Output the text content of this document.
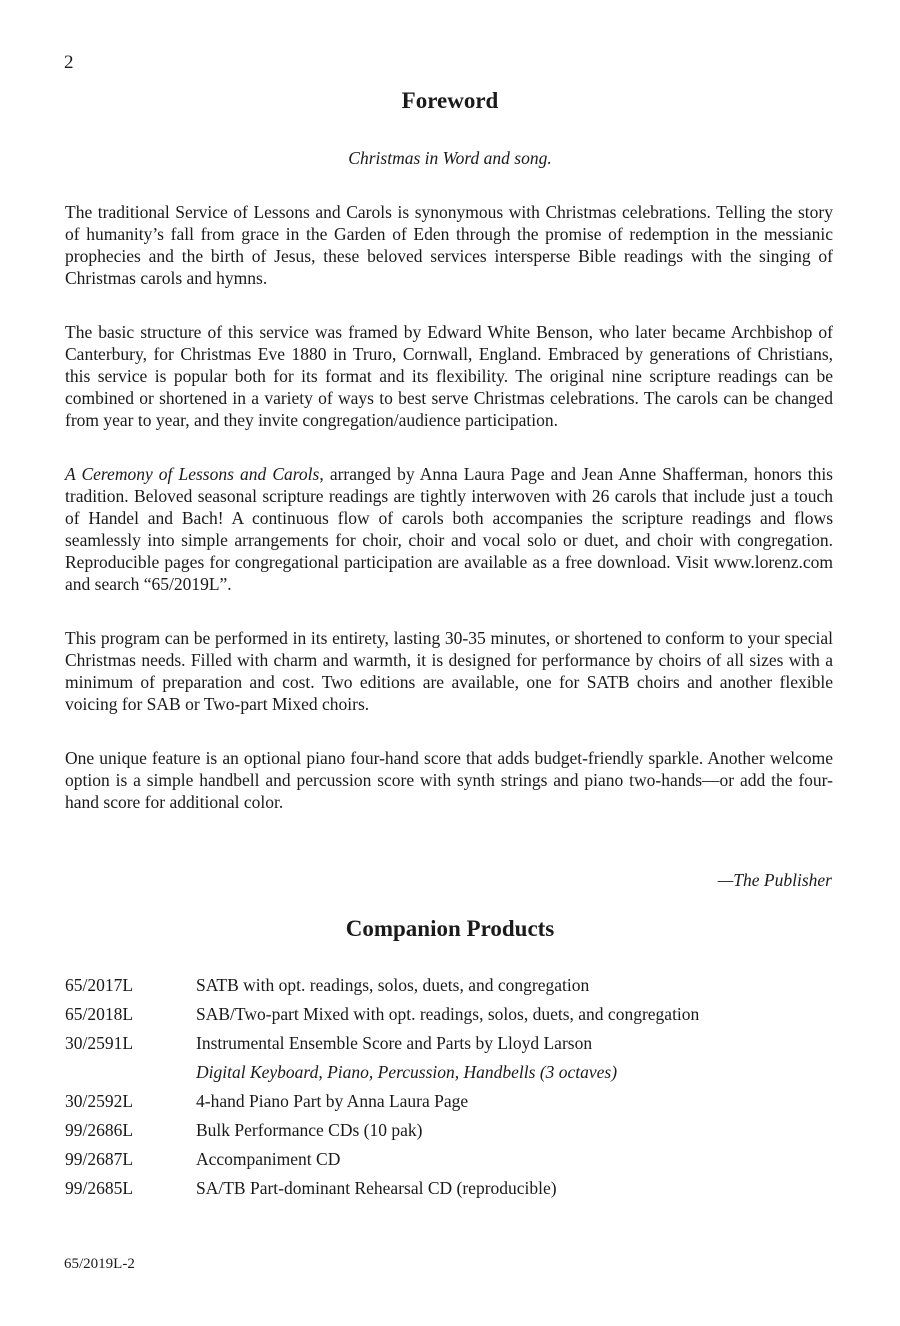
2
Foreword
Christmas in Word and song.

The traditional Service of Lessons and Carols is synonymous with Christmas celebrations. Telling the story of humanity’s fall from grace in the Garden of Eden through the promise of redemption in the messianic prophecies and the birth of Jesus, these beloved services intersperse Bible readings with the singing of Christmas carols and hymns.

The basic structure of this service was framed by Edward White Benson, who later became Archbishop of Canterbury, for Christmas Eve 1880 in Truro, Cornwall, England. Embraced by generations of Christians, this service is popular both for its format and its flexibility. The original nine scripture readings can be combined or shortened in a variety of ways to best serve Christmas celebrations. The carols can be changed from year to year, and they invite congregation/audience participation.

A Ceremony of Lessons and Carols, arranged by Anna Laura Page and Jean Anne Shafferman, honors this tradition. Beloved seasonal scripture readings are tightly interwoven with 26 carols that include just a touch of Handel and Bach! A continuous flow of carols both accompanies the scripture readings and flows seamlessly into simple arrangements for choir, choir and vocal solo or duet, and choir with congregation. Reproducible pages for congregational participation are available as a free download. Visit www.lorenz.com and search “65/2019L”.

This program can be performed in its entirety, lasting 30-35 minutes, or shortened to conform to your special Christmas needs. Filled with charm and warmth, it is designed for performance by choirs of all sizes with a minimum of preparation and cost. Two editions are available, one for SATB choirs and another flexible voicing for SAB or Two-part Mixed choirs.

One unique feature is an optional piano four-hand score that adds budget-friendly sparkle. Another welcome option is a simple handbell and percussion score with synth strings and piano two-hands—or add the four-hand score for additional color.

—The Publisher
Companion Products
65/2017L	SATB with opt. readings, solos, duets, and congregation
65/2018L	SAB/Two-part Mixed with opt. readings, solos, duets, and congregation
30/2591L	Instrumental Ensemble Score and Parts by Lloyd Larson
Digital Keyboard, Piano, Percussion, Handbells (3 octaves)
30/2592L	4-hand Piano Part by Anna Laura Page
99/2686L	Bulk Performance CDs (10 pak)
99/2687L	Accompaniment CD
99/2685L	SA/TB Part-dominant Rehearsal CD (reproducible)
65/2019L-2
